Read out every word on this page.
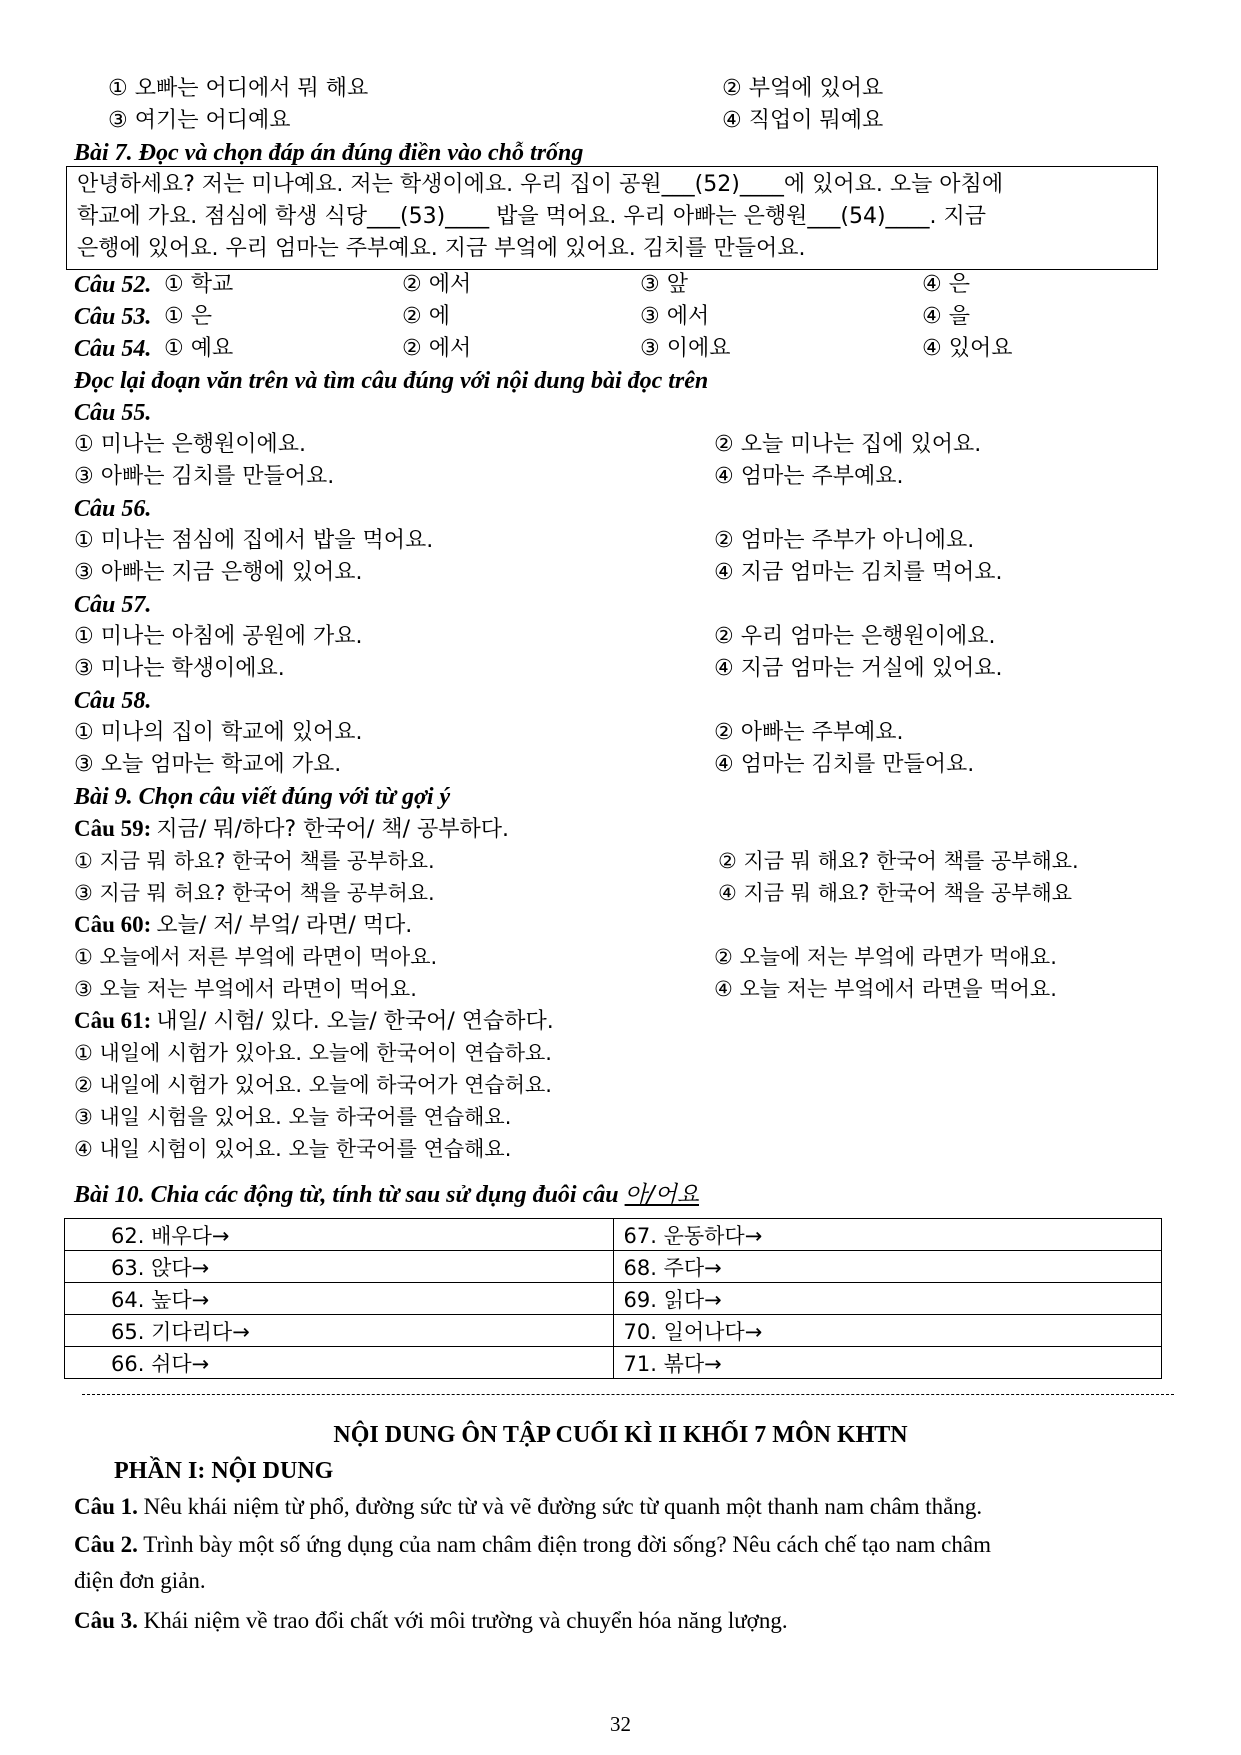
① 오빠는 어디에서 뭐 해요	② 부엌에 있어요
③ 여기는 어디예요	④ 직업이 뭐예요
Bài 7. Đọc và chọn đáp án đúng điền vào chỗ trống
안녕하세요? 저는 미나예요. 저는 학생이에요. 우리 집이 공원___(52)____에 있어요. 오늘 아침에
학교에 가요. 점심에 학생 식당___(53)____ 밥을 먹어요. 우리 아빠는 은행원___(54)____. 지금
은행에 있어요. 우리 엄마는 주부예요. 지금 부엌에 있어요. 김치를 만들어요.
Câu 52. ① 학교	② 에서	③ 앞	④ 은
Câu 53. ① 은	② 에	③ 에서	④ 을
Câu 54. ① 예요	② 에서	③ 이에요	④ 있어요
Đọc lại đoạn văn trên và tìm câu đúng với nội dung bài đọc trên
Câu 55.
① 미나는 은행원이에요.	② 오늘 미나는 집에 있어요.
③ 아빠는 김치를 만들어요.	④ 엄마는 주부예요.
Câu 56.
① 미나는 점심에 집에서 밥을 먹어요.	② 엄마는 주부가 아니에요.
③ 아빠는 지금 은행에 있어요.	④ 지금 엄마는 김치를 먹어요.
Câu 57.
① 미나는 아침에 공원에 가요.	② 우리 엄마는 은행원이에요.
③ 미나는 학생이에요.	④ 지금 엄마는 거실에 있어요.
Câu 58.
① 미나의 집이 학교에 있어요.	② 아빠는 주부예요.
③ 오늘 엄마는 학교에 가요.	④ 엄마는 김치를 만들어요.
Bài 9. Chọn câu viết đúng với từ gợi ý
Câu 59: 지금/ 뭐/하다? 한국어/ 책/ 공부하다.
① 지금 뭐 하요? 한국어 책를 공부하요.	② 지금 뭐 해요? 한국어 책를 공부해요.
③ 지금 뭐 허요? 한국어 책을 공부허요.	④ 지금 뭐 해요? 한국어 책을 공부해요
Câu 60: 오늘/ 저/ 부엌/ 라면/ 먹다.
① 오늘에서 저른 부엌에 라면이 먹아요.	② 오늘에 저는 부엌에 라면가 먹애요.
③ 오늘 저는 부엌에서 라면이 먹어요.	④ 오늘 저는 부엌에서 라면을 먹어요.
Câu 61: 내일/ 시험/ 있다. 오늘/ 한국어/ 연습하다.
① 내일에 시험가 있아요. 오늘에 한국어이 연습하요.
② 내일에 시험가 있어요. 오늘에 하국어가 연습허요.
③ 내일 시험을 있어요. 오늘 하국어를 연습해요.
④ 내일 시험이 있어요. 오늘 한국어를 연습해요.
Bài 10. Chia các động từ, tính từ sau sử dụng đuôi câu 아/어요
62. 배우다→	67. 운동하다→
63. 앉다→	68. 주다→
64. 높다→	69. 읽다→
65. 기다리다→	70. 일어나다→
66. 쉬다→	71. 볶다→
NỘI DUNG ÔN TẬP CUỐI KÌ II KHỐI 7 MÔN KHTN
PHẦN I: NỘI DUNG
Câu 1. Nêu khái niệm từ phổ, đường sức từ và vẽ đường sức từ quanh một thanh nam châm thẳng.
Câu 2. Trình bày một số ứng dụng của nam châm điện trong đời sống? Nêu cách chế tạo nam châm
điện đơn giản.
Câu 3. Khái niệm về trao đổi chất với môi trường và chuyển hóa năng lượng.
32
